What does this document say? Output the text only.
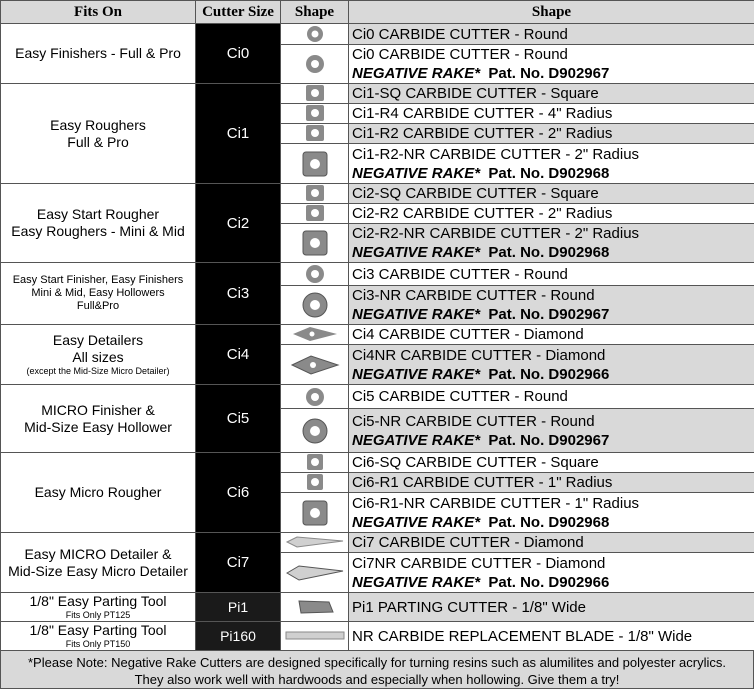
Fits On	Cutter Size	Shape	Shape

Easy Finishers - Full & Pro	Ci0		Ci0 CARBIDE CUTTER - Round

Ci0 CARBIDE CUTTER - Round
NEGATIVE RAKE* Pat. No. D902967

Easy Roughers
Full & Pro	Ci1		Ci1-SQ CARBIDE CUTTER - Square

Ci1-R4 CARBIDE CUTTER - 4" Radius

Ci1-R2 CARBIDE CUTTER - 2" Radius

Ci1-R2-NR CARBIDE CUTTER - 2" Radius
NEGATIVE RAKE* Pat. No. D902968

Easy Start Rougher
Easy Roughers - Mini & Mid	Ci2		Ci2-SQ CARBIDE CUTTER - Square

Ci2-R2 CARBIDE CUTTER - 2" Radius

Ci2-R2-NR CARBIDE CUTTER - 2" Radius
NEGATIVE RAKE* Pat. No. D902968

Easy Start Finisher, Easy Finishers
Mini & Mid, Easy Hollowers
Full&Pro	Ci3		Ci3 CARBIDE CUTTER - Round

Ci3-NR CARBIDE CUTTER - Round
NEGATIVE RAKE* Pat. No. D902967

Easy Detailers
All sizes
(except the Mid-Size Micro Detailer)	Ci4		Ci4 CARBIDE CUTTER - Diamond

Ci4NR CARBIDE CUTTER - Diamond
NEGATIVE RAKE* Pat. No. D902966

MICRO Finisher &
Mid-Size Easy Hollower	Ci5		Ci5 CARBIDE CUTTER - Round

Ci5-NR CARBIDE CUTTER - Round
NEGATIVE RAKE* Pat. No. D902967

Easy Micro Rougher	Ci6		Ci6-SQ CARBIDE CUTTER - Square

Ci6-R1 CARBIDE CUTTER - 1" Radius

Ci6-R1-NR CARBIDE CUTTER - 1" Radius
NEGATIVE RAKE* Pat. No. D902968

Easy MICRO Detailer &
Mid-Size Easy Micro Detailer	Ci7		Ci7 CARBIDE CUTTER - Diamond

Ci7NR CARBIDE CUTTER - Diamond
NEGATIVE RAKE* Pat. No. D902966

1/8" Easy Parting Tool
Fits Only PT125	Pi1		Pi1 PARTING CUTTER - 1/8" Wide

1/8" Easy Parting Tool
Fits Only PT150	Pi160		NR CARBIDE REPLACEMENT BLADE - 1/8" Wide
*Please Note: Negative Rake Cutters are designed specifically for turning resins such as alumilites and polyester acrylics.
They also work well with hardwoods and especially when hollowing. Give them a try!
